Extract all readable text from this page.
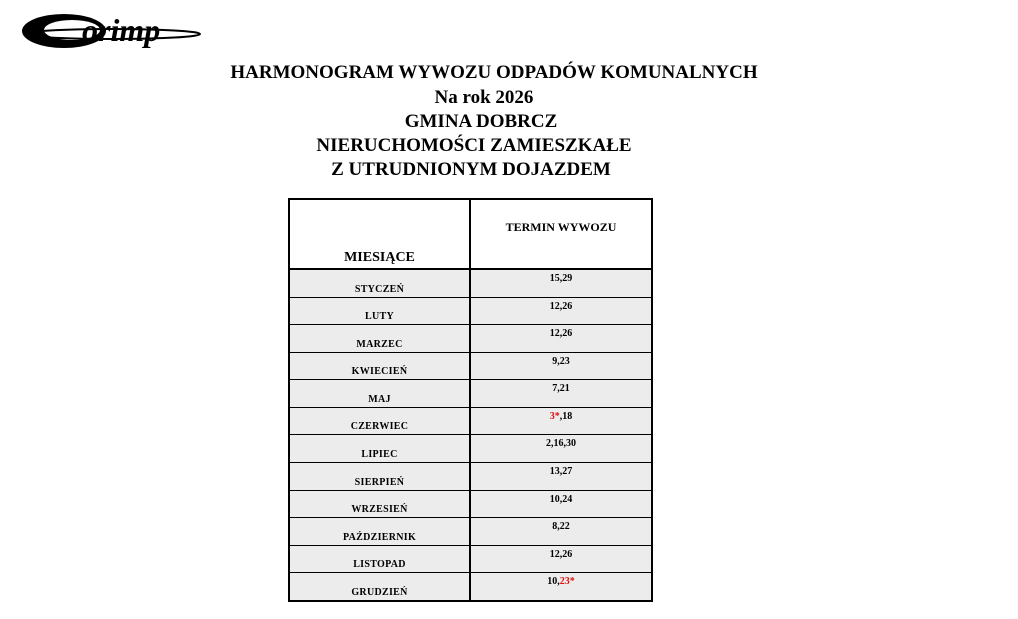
orimp
HARMONOGRAM WYWOZU ODPADÓW KOMUNALNYCH
Na rok 2026
GMINA DOBRCZ
NIERUCHOMOŚCI ZAMIESZKAŁE
Z UTRUDNIONYM DOJAZDEM
MIESIĄCE
TERMIN WYWOZU
STYCZEŃ
15,29
LUTY
12,26
MARZEC
12,26
KWIECIEŃ
9,23
MAJ
7,21
CZERWIEC
3*,18
LIPIEC
2,16,30
SIERPIEŃ
13,27
WRZESIEŃ
10,24
PAŹDZIERNIK
8,22
LISTOPAD
12,26
GRUDZIEŃ
10,23*
